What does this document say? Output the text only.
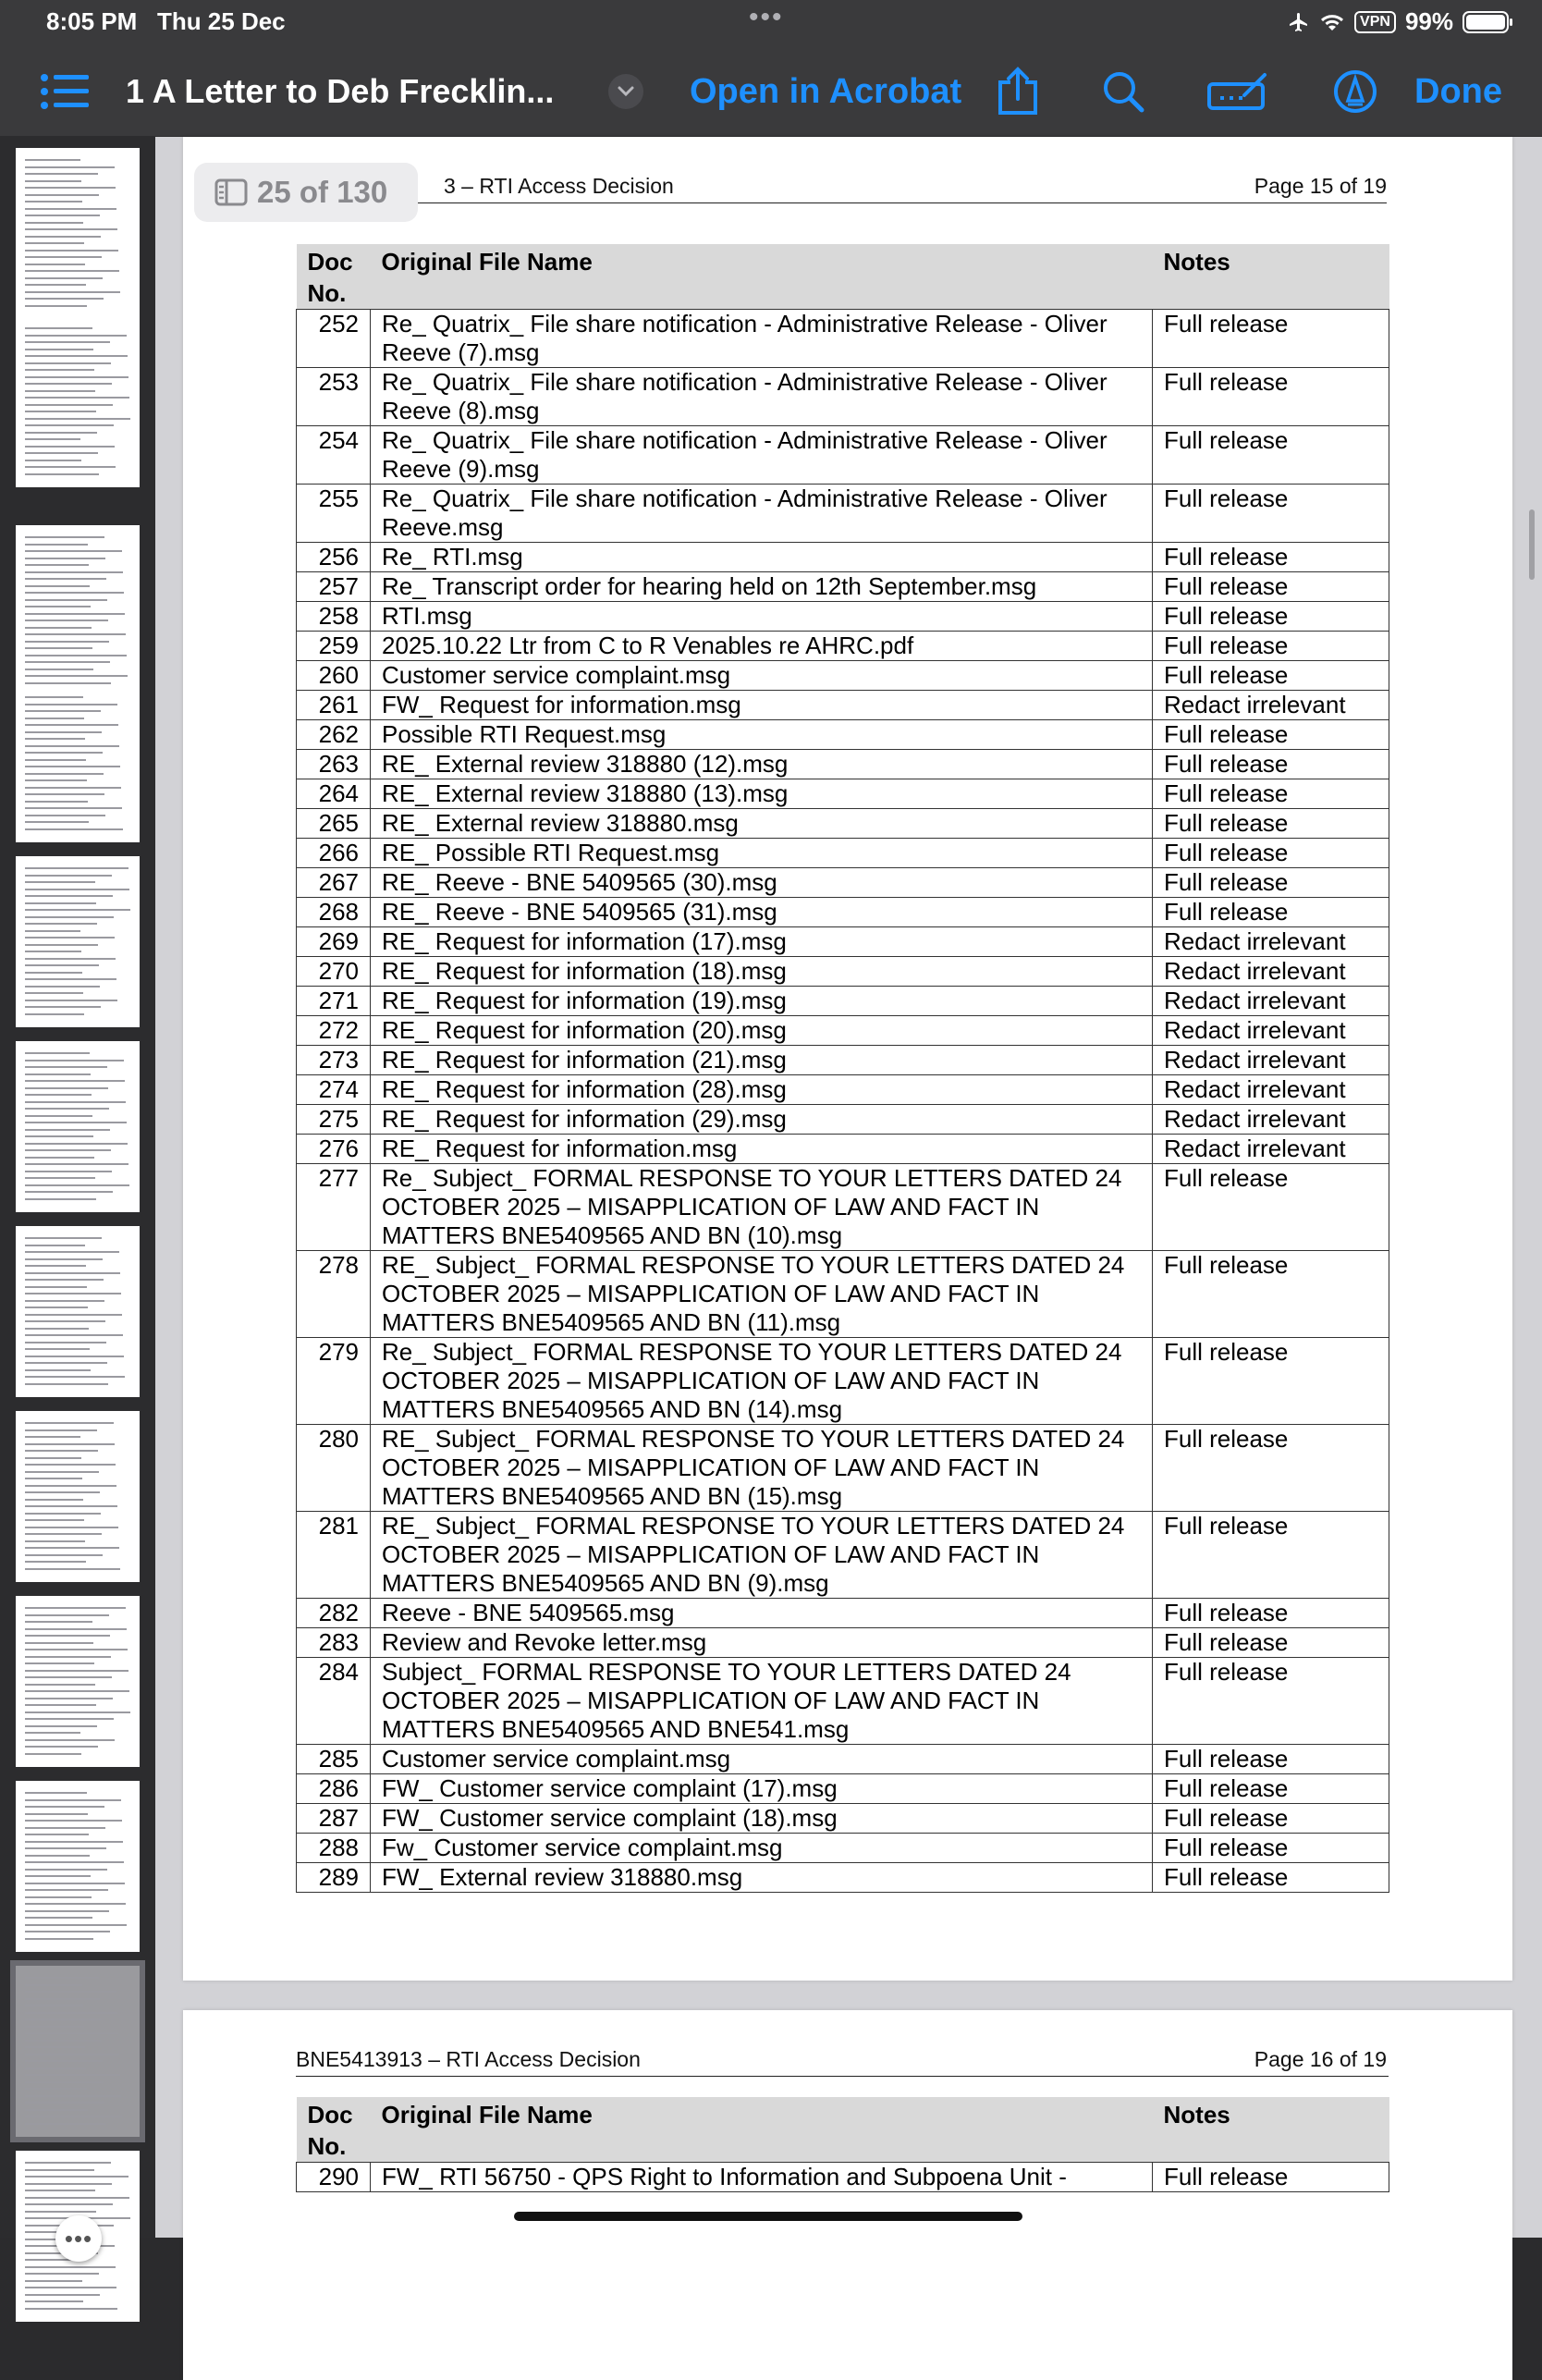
8:05 PM Thu 25 Dec	•••	VPN 99%
1 A Letter to Deb Frecklin...	Open in Acrobat	Done
•••
3 – RTI Access Decision	Page 15 of 19
Doc No.	Original File Name	Notes
252	Re_ Quatrix_ File share notification - Administrative Release - Oliver Reeve (7).msg	Full release
253	Re_ Quatrix_ File share notification - Administrative Release - Oliver Reeve (8).msg	Full release
254	Re_ Quatrix_ File share notification - Administrative Release - Oliver Reeve (9).msg	Full release
255	Re_ Quatrix_ File share notification - Administrative Release - Oliver Reeve.msg	Full release
256	Re_ RTI.msg	Full release
257	Re_ Transcript order for hearing held on 12th September.msg	Full release
258	RTI.msg	Full release
259	2025.10.22 Ltr from C to R Venables re AHRC.pdf	Full release
260	Customer service complaint.msg	Full release
261	FW_ Request for information.msg	Redact irrelevant
262	Possible RTI Request.msg	Full release
263	RE_ External review 318880 (12).msg	Full release
264	RE_ External review 318880 (13).msg	Full release
265	RE_ External review 318880.msg	Full release
266	RE_ Possible RTI Request.msg	Full release
267	RE_ Reeve - BNE 5409565 (30).msg	Full release
268	RE_ Reeve - BNE 5409565 (31).msg	Full release
269	RE_ Request for information (17).msg	Redact irrelevant
270	RE_ Request for information (18).msg	Redact irrelevant
271	RE_ Request for information (19).msg	Redact irrelevant
272	RE_ Request for information (20).msg	Redact irrelevant
273	RE_ Request for information (21).msg	Redact irrelevant
274	RE_ Request for information (28).msg	Redact irrelevant
275	RE_ Request for information (29).msg	Redact irrelevant
276	RE_ Request for information.msg	Redact irrelevant
277	Re_ Subject_ FORMAL RESPONSE TO YOUR LETTERS DATED 24 OCTOBER 2025 – MISAPPLICATION OF LAW AND FACT IN MATTERS BNE5409565 AND BN (10).msg	Full release
278	RE_ Subject_ FORMAL RESPONSE TO YOUR LETTERS DATED 24 OCTOBER 2025 – MISAPPLICATION OF LAW AND FACT IN MATTERS BNE5409565 AND BN (11).msg	Full release
279	Re_ Subject_ FORMAL RESPONSE TO YOUR LETTERS DATED 24 OCTOBER 2025 – MISAPPLICATION OF LAW AND FACT IN MATTERS BNE5409565 AND BN (14).msg	Full release
280	RE_ Subject_ FORMAL RESPONSE TO YOUR LETTERS DATED 24 OCTOBER 2025 – MISAPPLICATION OF LAW AND FACT IN MATTERS BNE5409565 AND BN (15).msg	Full release
281	RE_ Subject_ FORMAL RESPONSE TO YOUR LETTERS DATED 24 OCTOBER 2025 – MISAPPLICATION OF LAW AND FACT IN MATTERS BNE5409565 AND BN (9).msg	Full release
282	Reeve - BNE 5409565.msg	Full release
283	Review and Revoke letter.msg	Full release
284	Subject_ FORMAL RESPONSE TO YOUR LETTERS DATED 24 OCTOBER 2025 – MISAPPLICATION OF LAW AND FACT IN MATTERS BNE5409565 AND BNE541.msg	Full release
285	Customer service complaint.msg	Full release
286	FW_ Customer service complaint (17).msg	Full release
287	FW_ Customer service complaint (18).msg	Full release
288	Fw_ Customer service complaint.msg	Full release
289	FW_ External review 318880.msg	Full release
BNE5413913 – RTI Access Decision	Page 16 of 19
Doc No.	Original File Name	Notes
290	FW_ RTI 56750 - QPS Right to Information and Subpoena Unit -	Full release
25 of 130
